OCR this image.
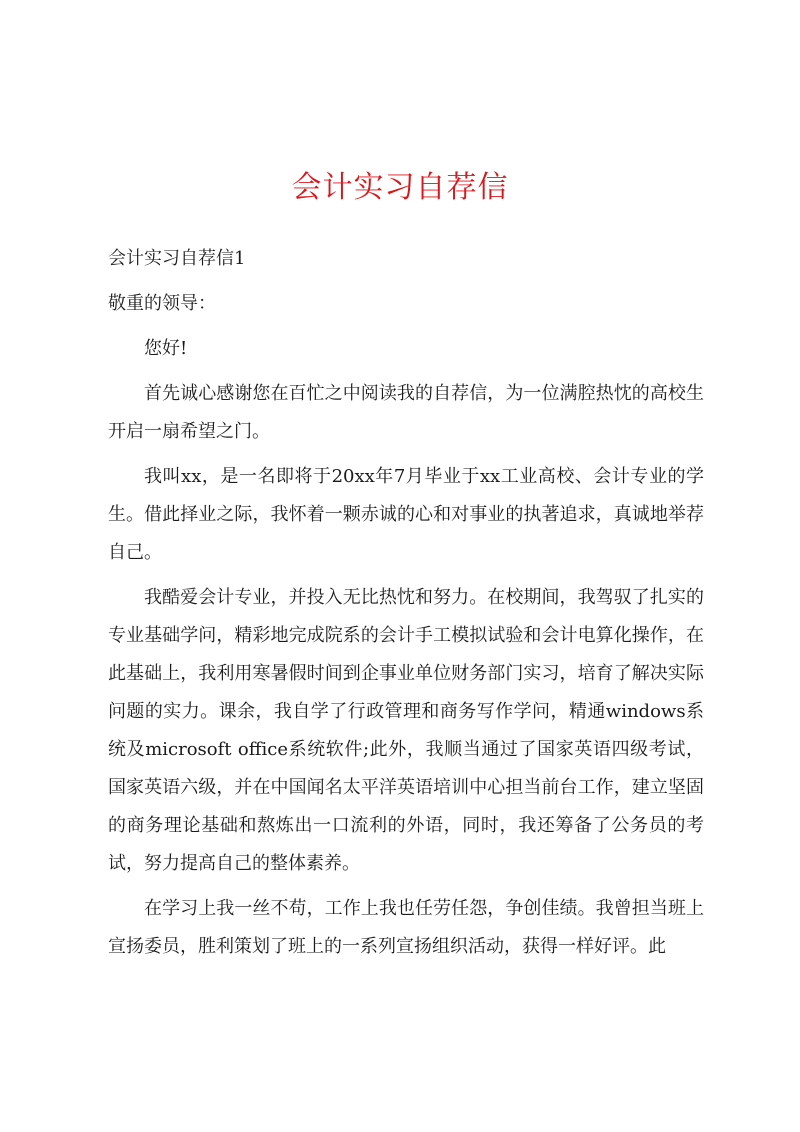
会计实习自荐信

会计实习自荐信1

敬重的领导：

您好!

首先诚心感谢您在百忙之中阅读我的自荐信，为一位满腔热忱的高校生开启一扇希望之门。

我叫xx，是一名即将于20xx年7月毕业于xx工业高校、会计专业的学生。借此择业之际，我怀着一颗赤诚的心和对事业的执著追求，真诚地举荐自己。

我酷爱会计专业，并投入无比热忱和努力。在校期间，我驾驭了扎实的专业基础学问，精彩地完成院系的会计手工模拟试验和会计电算化操作，在此基础上，我利用寒暑假时间到企事业单位财务部门实习，培育了解决实际问题的实力。课余，我自学了行政管理和商务写作学问，精通windows系统及microsoft office系统软件;此外，我顺当通过了国家英语四级考试，国家英语六级，并在中国闻名太平洋英语培训中心担当前台工作，建立坚固的商务理论基础和熬炼出一口流利的外语，同时，我还筹备了公务员的考试，努力提高自己的整体素养。

在学习上我一丝不苟，工作上我也任劳任怨，争创佳绩。我曾担当班上宣扬委员，胜利策划了班上的一系列宣扬组织活动，获得一样好评。此
